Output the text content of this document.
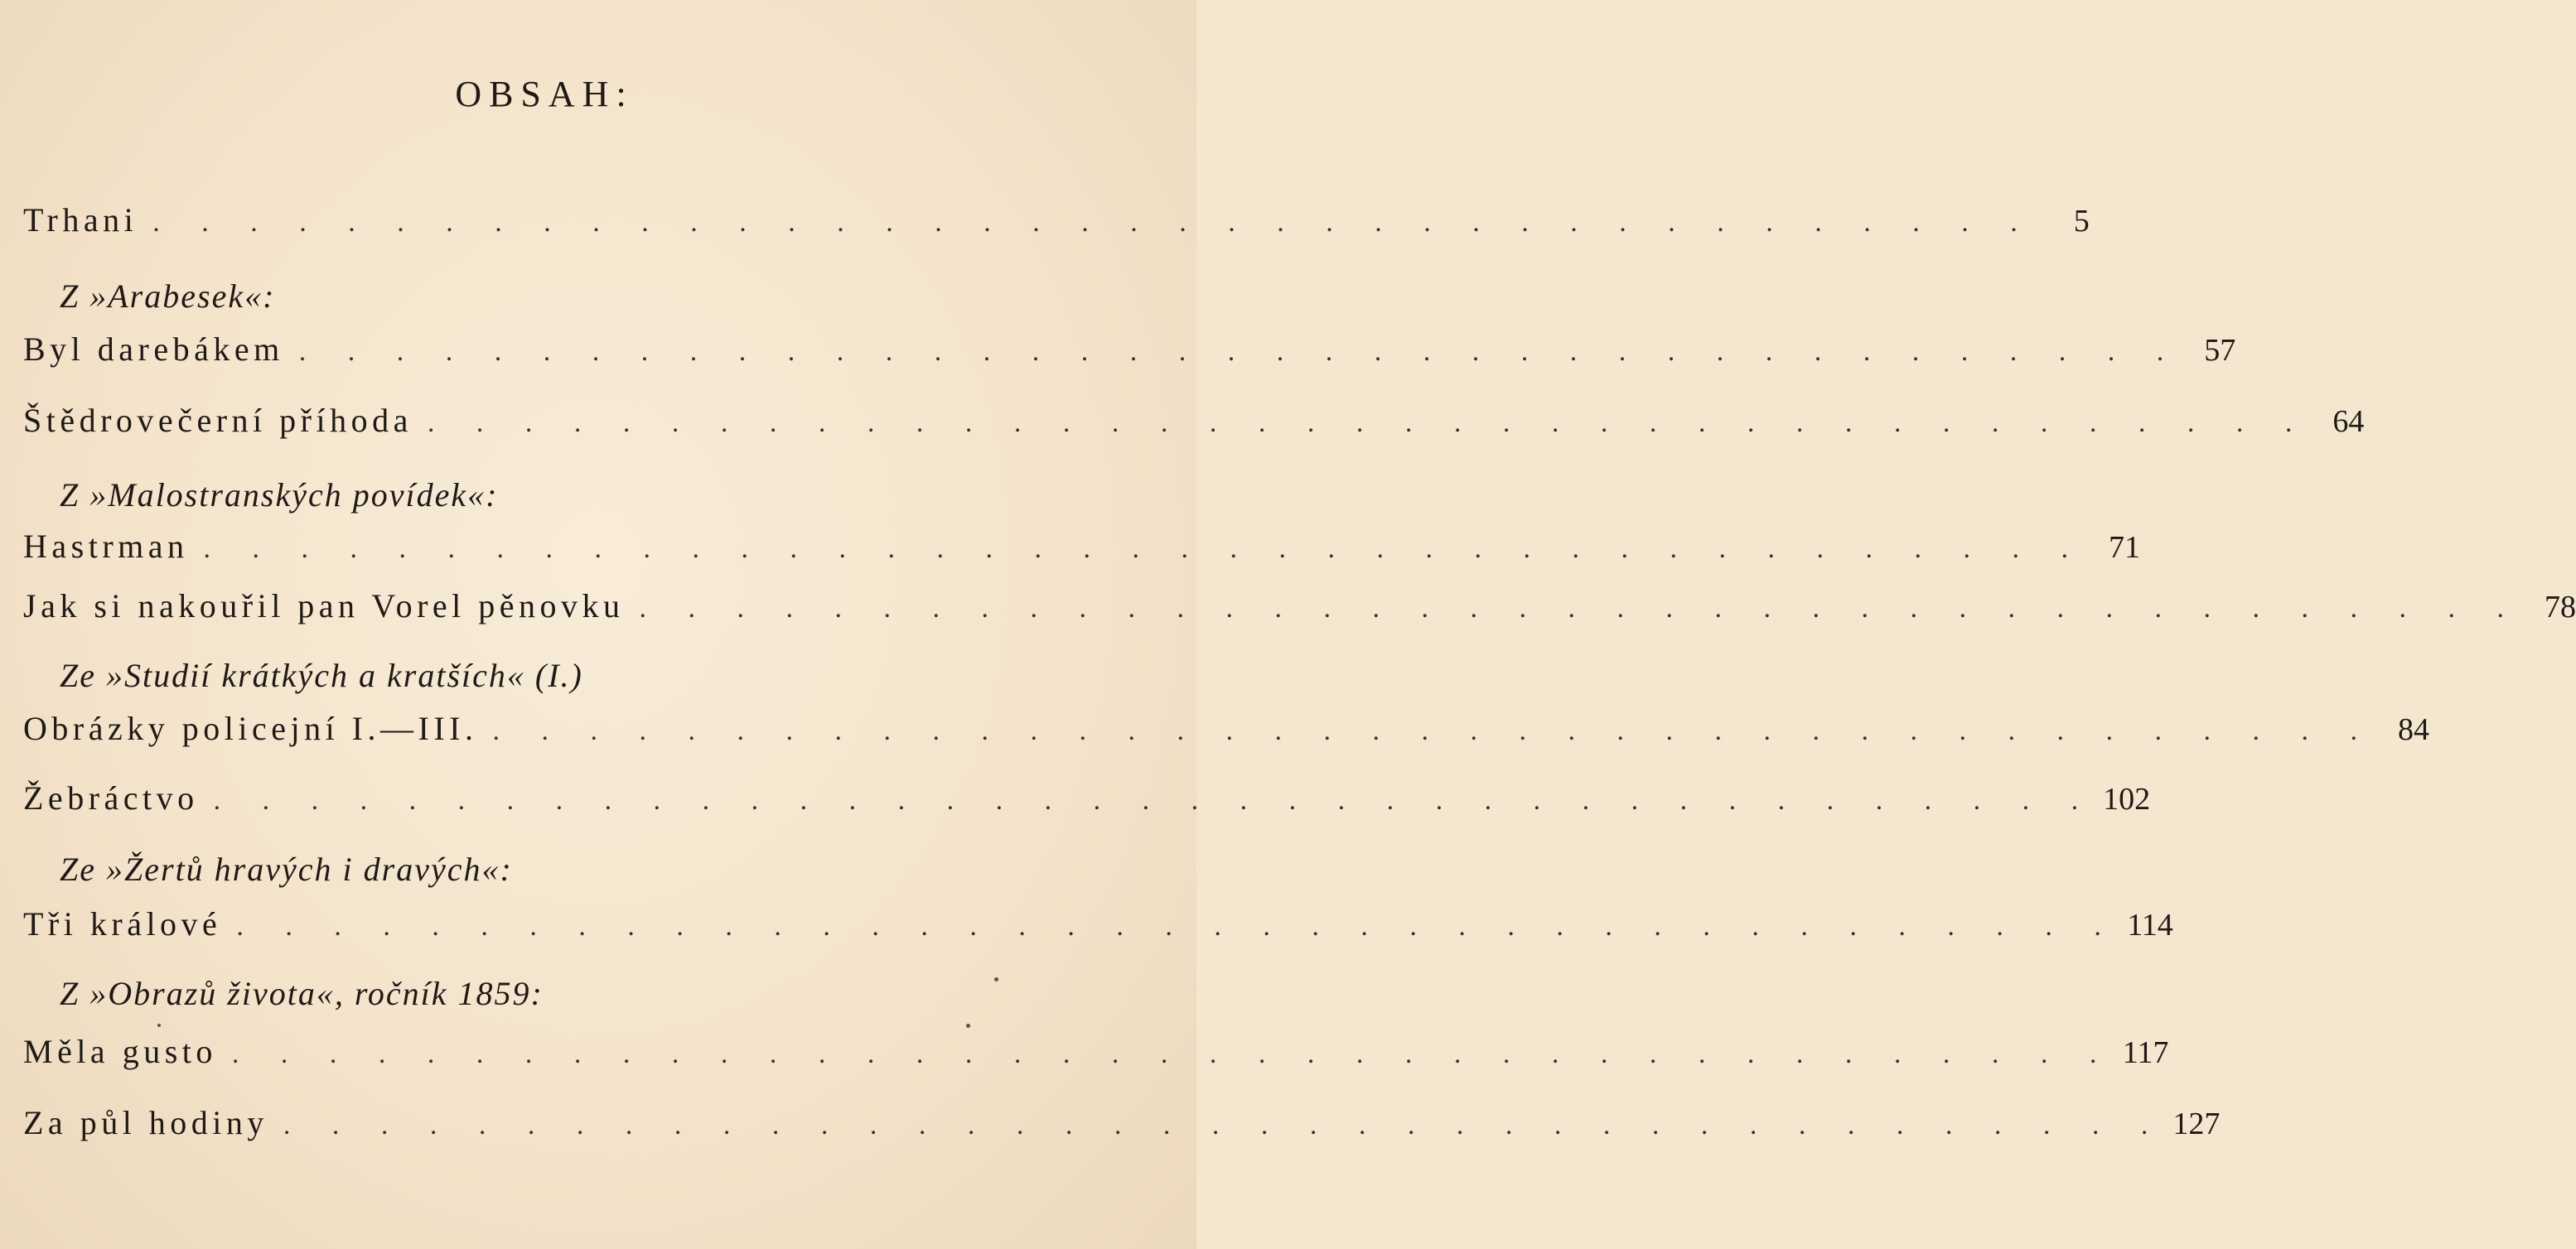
OBSAH:
Trhani . . . . . . . . . . . . . . . . . . . . . . . . . . . . . . . . . . . . . . .	5
Z »Arabesek«:
Byl darebákem . . . . . . . . . . . . . . . . . . . . . . . . . . . . . . . . . . . . . . . 57
Štědrovečerní příhoda . . . . . . . . . . . . . . . . . . . . . . . . . . . . . . . . . . . . . . . 64
Z »Malostranských povídek«:
Hastrman . . . . . . . . . . . . . . . . . . . . . . . . . . . . . . . . . . . . . . . 71
Jak si nakouřil pan Vorel pěnovku . . . . . . . . . . . . . . . . . . . . . . . . . . . . . . . . . . . . . . . 78
Ze »Studií krátkých a kratších« (I.)
Obrázky policejní I.—III. . . . . . . . . . . . . . . . . . . . . . . . . . . . . . . . . . . . . . . . 84
Žebráctvo . . . . . . . . . . . . . . . . . . . . . . . . . . . . . . . . . . . . . . . 102
Ze »Žertů hravých i dravých«:
Tři králové . . . . . . . . . . . . . . . . . . . . . . . . . . . . . . . . . . . . . . . 114
Z »Obrazů života«, ročník 1859:
Měla gusto . . . . . . . . . . . . . . . . . . . . . . . . . . . . . . . . . . . . . . . 117
Za půl hodiny . . . . . . . . . . . . . . . . . . . . . . . . . . . . . . . . . . . . . . . 127
